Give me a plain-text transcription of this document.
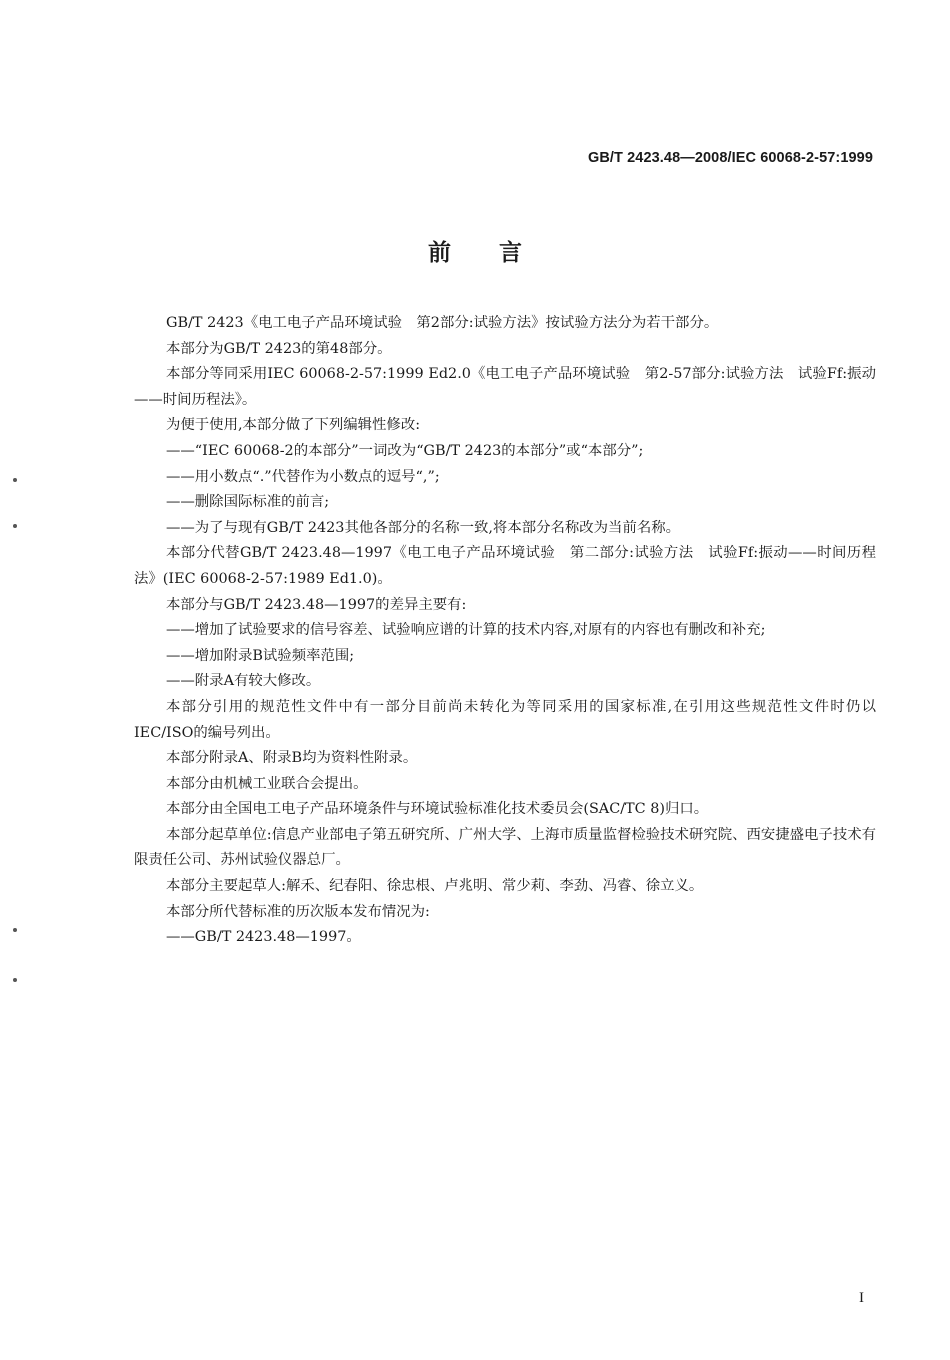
GB/T 2423.48—2008/IEC 60068-2-57:1999
前言

GB/T 2423《电工电子产品环境试验　第2部分:试验方法》按试验方法分为若干部分。

本部分为GB/T 2423的第48部分。

本部分等同采用IEC 60068-2-57:1999 Ed2.0《电工电子产品环境试验　第2-57部分:试验方法　试验Ff:振动——时间历程法》。

为便于使用,本部分做了下列编辑性修改:

——“IEC 60068-2的本部分”一词改为“GB/T 2423的本部分”或“本部分”;

——用小数点“.”代替作为小数点的逗号“,”;

——删除国际标准的前言;

——为了与现有GB/T 2423其他各部分的名称一致,将本部分名称改为当前名称。

本部分代替GB/T 2423.48—1997《电工电子产品环境试验　第二部分:试验方法　试验Ff:振动——时间历程法》(IEC 60068-2-57:1989 Ed1.0)。

本部分与GB/T 2423.48—1997的差异主要有:

——增加了试验要求的信号容差、试验响应谱的计算的技术内容,对原有的内容也有删改和补充;

——增加附录B试验频率范围;

——附录A有较大修改。

本部分引用的规范性文件中有一部分目前尚未转化为等同采用的国家标准,在引用这些规范性文件时仍以IEC/ISO的编号列出。

本部分附录A、附录B均为资料性附录。

本部分由机械工业联合会提出。

本部分由全国电工电子产品环境条件与环境试验标准化技术委员会(SAC/TC 8)归口。

本部分起草单位:信息产业部电子第五研究所、广州大学、上海市质量监督检验技术研究院、西安捷盛电子技术有限责任公司、苏州试验仪器总厂。

本部分主要起草人:解禾、纪春阳、徐忠根、卢兆明、常少莉、李劲、冯睿、徐立义。

本部分所代替标准的历次版本发布情况为:

——GB/T 2423.48—1997。

I
